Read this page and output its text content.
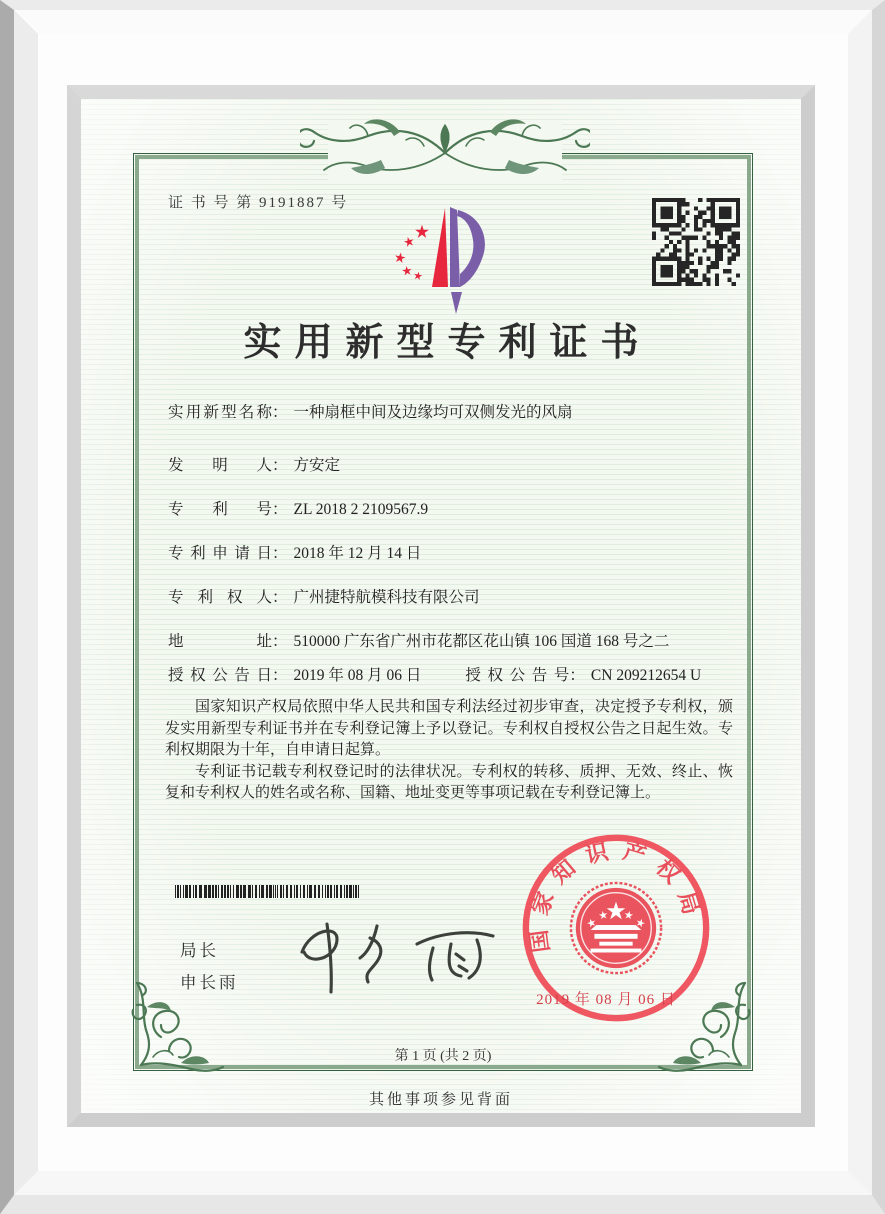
证 书 号 第 9191887 号
实用新型专利证书
实用新型名称： 一种扇框中间及边缘均可双侧发光的风扇
发明人： 方安定
专利号： ZL 2018 2 2109567.9
专利申请日： 2018 年 12 月 14 日
专利权人： 广州捷特航模科技有限公司
地址： 510000 广东省广州市花都区花山镇 106 国道 168 号之二
授权公告日： 2019 年 08 月 06 日	授权公告号： CN 209212654 U

国家知识产权局依照中华人民共和国专利法经过初步审查，决定授予专利权，颁发实用新型专利证书并在专利登记簿上予以登记。专利权自授权公告之日起生效。专利权期限为十年，自申请日起算。

专利证书记载专利权登记时的法律状况。专利权的转移、质押、无效、终止、恢复和专利权人的姓名或名称、国籍、地址变更等事项记载在专利登记簿上。

局长
申长雨
国家知识产权局
2019 年 08 月 06 日
第 1 页 (共 2 页)
其他事项参见背面
